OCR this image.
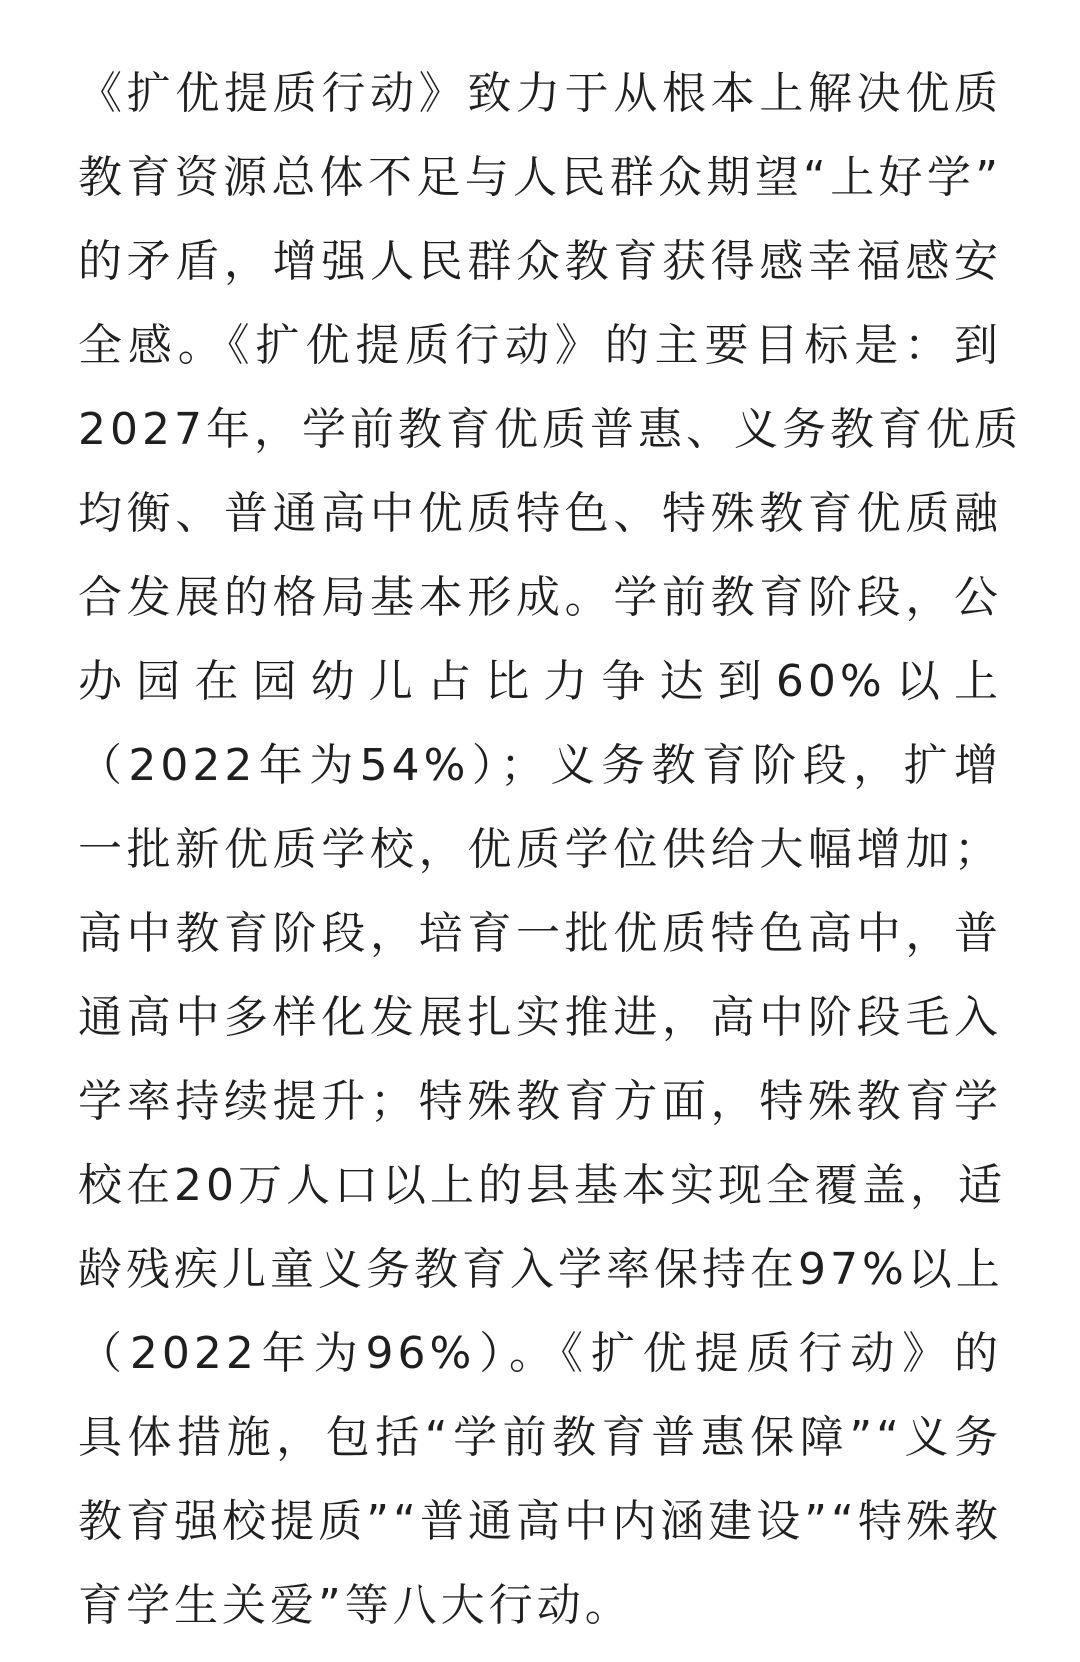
《扩优提质行动》致力于从根本上解决优质
教育资源总体不足与人民群众期望“上好学”
的矛盾，增强人民群众教育获得感幸福感安
全感。《扩优提质行动》的主要目标是：到
2027年，学前教育优质普惠、义务教育优质
均衡、普通高中优质特色、特殊教育优质融
合发展的格局基本形成。学前教育阶段，公
办园在园幼儿占比力争达到60%以上
（2022年为54%）；义务教育阶段，扩增
一批新优质学校，优质学位供给大幅增加；
高中教育阶段，培育一批优质特色高中，普
通高中多样化发展扎实推进，高中阶段毛入
学率持续提升；特殊教育方面，特殊教育学
校在20万人口以上的县基本实现全覆盖，适
龄残疾儿童义务教育入学率保持在97%以上
（2022年为96%）。《扩优提质行动》的
具体措施，包括“学前教育普惠保障”“义务
教育强校提质”“普通高中内涵建设”“特殊教
育学生关爱”等八大行动。
